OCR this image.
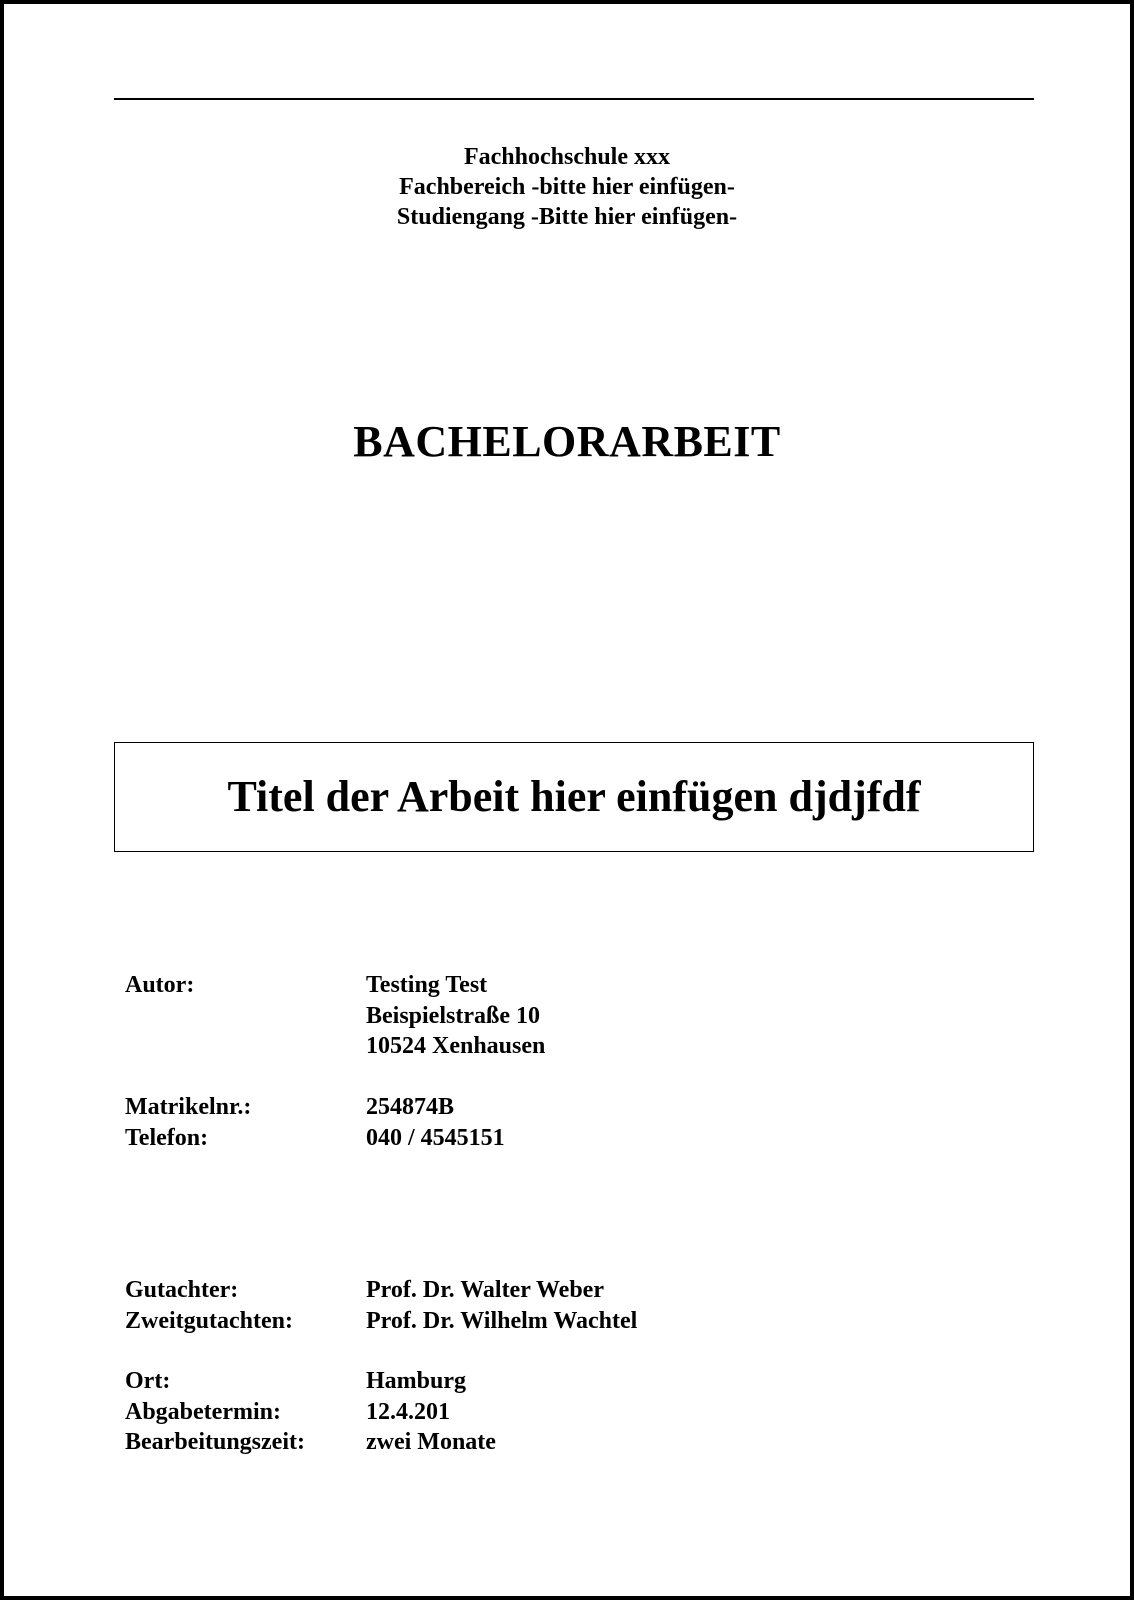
Fachhochschule xxx
Fachbereich -bitte hier einfügen-
Studiengang -Bitte hier einfügen-
BACHELORARBEIT
Titel der Arbeit hier einfügen djdjfdf
Autor:	Testing Test
Beispielstraße 10
10524 Xenhausen
Matrikelnr.:	254874B
Telefon:	040 / 4545151
Gutachter:	Prof. Dr. Walter Weber
Zweitgutachten:	Prof. Dr. Wilhelm Wachtel
Ort:	Hamburg
Abgabetermin:	12.4.201
Bearbeitungszeit:	zwei Monate
